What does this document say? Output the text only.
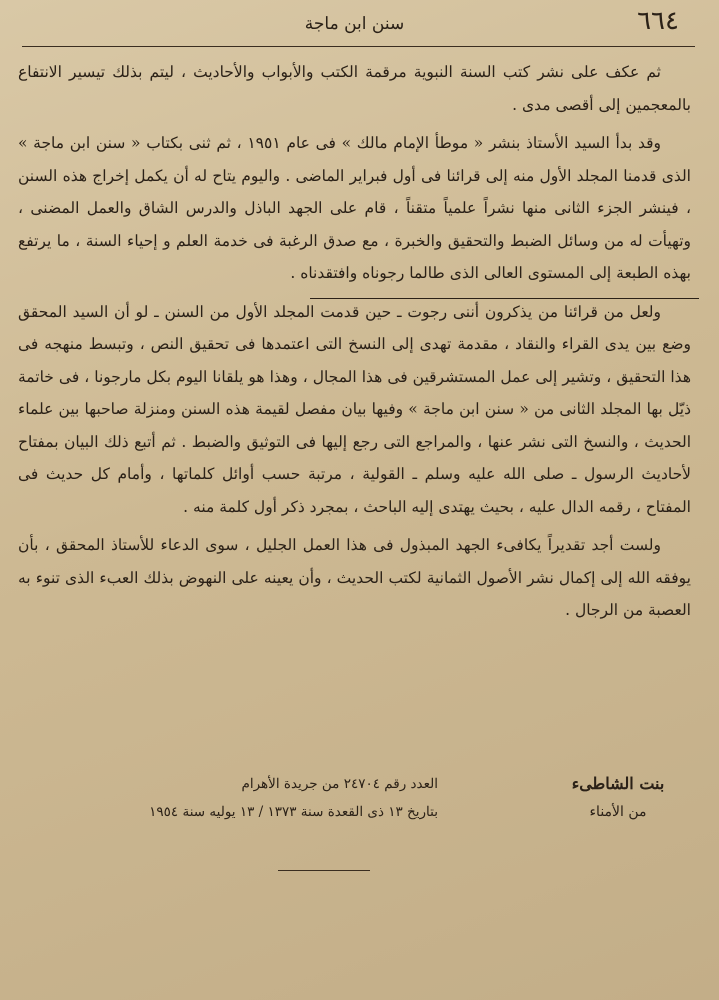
٦٦٤
سنن ابن ماجة

ثم عكف على نشر كتب السنة النبوية مرقمة الكتب والأبواب والأحاديث ، ليتم بذلك تيسير الانتفاع بالمعجمين إلى أقصى مدى .

وقد بدأ السيد الأستاذ بنشر « موطأ الإمام مالك » فى عام ١٩٥١ ، ثم ثنى بكتاب « سنن ابن ماجة » الذى قدمنا المجلد الأول منه إلى قرائنا فى أول فبراير الماضى . واليوم يتاح له أن يكمل إخراج هذه السنن ، فينشر الجزء الثانى منها نشراً علمياً متقناً ، قام على الجهد الباذل والدرس الشاق والعمل المضنى ، وتهيأت له من وسائل الضبط والتحقيق والخبرة ، مع صدق الرغبة فى خدمة العلم و إحياء السنة ، ما يرتفع بهذه الطبعة إلى المستوى العالى الذى طالما رجوناه وافتقدناه .

ولعل من قرائنا من يذكرون أننى رجوت ـ حين قدمت المجلد الأول من السنن ـ لو أن السيد المحقق وضع بين يدى القراء والنقاد ، مقدمة تهدى إلى النسخ التى اعتمدها فى تحقيق النص ، وتبسط منهجه فى هذا التحقيق ، وتشير إلى عمل المستشرقين فى هذا المجال ، وهذا هو يلقانا اليوم بكل مارجونا ، فى خاتمة ذيّل بها المجلد الثانى من « سنن ابن ماجة » وفيها بيان مفصل لقيمة هذه السنن ومنزلة صاحبها بين علماء الحديث ، والنسخ التى نشر عنها ، والمراجع التى رجع إليها فى التوثيق والضبط . ثم أتبع ذلك البيان بمفتاح لأحاديث الرسول ـ صلى الله عليه وسلم ـ القولية ، مرتبة حسب أوائل كلماتها ، وأمام كل حديث فى المفتاح ، رقمه الدال عليه ، بحيث يهتدى إليه الباحث ، بمجرد ذكر أول كلمة منه .

ولست أجد تقديراً يكافىء الجهد المبذول فى هذا العمل الجليل ، سوى الدعاء للأستاذ المحقق ، بأن يوفقه الله إلى إكمال نشر الأصول الثمانية لكتب الحديث ، وأن يعينه على النهوض بذلك العبء الذى تنوء به العصبة من الرجال .

بنت الشاطىء
من الأمناء
العدد رقم ٢٤٧٠٤ من جريدة الأهرام
بتاريخ ١٣ ذى القعدة سنة ١٣٧٣ / ١٣ يوليه سنة ١٩٥٤
